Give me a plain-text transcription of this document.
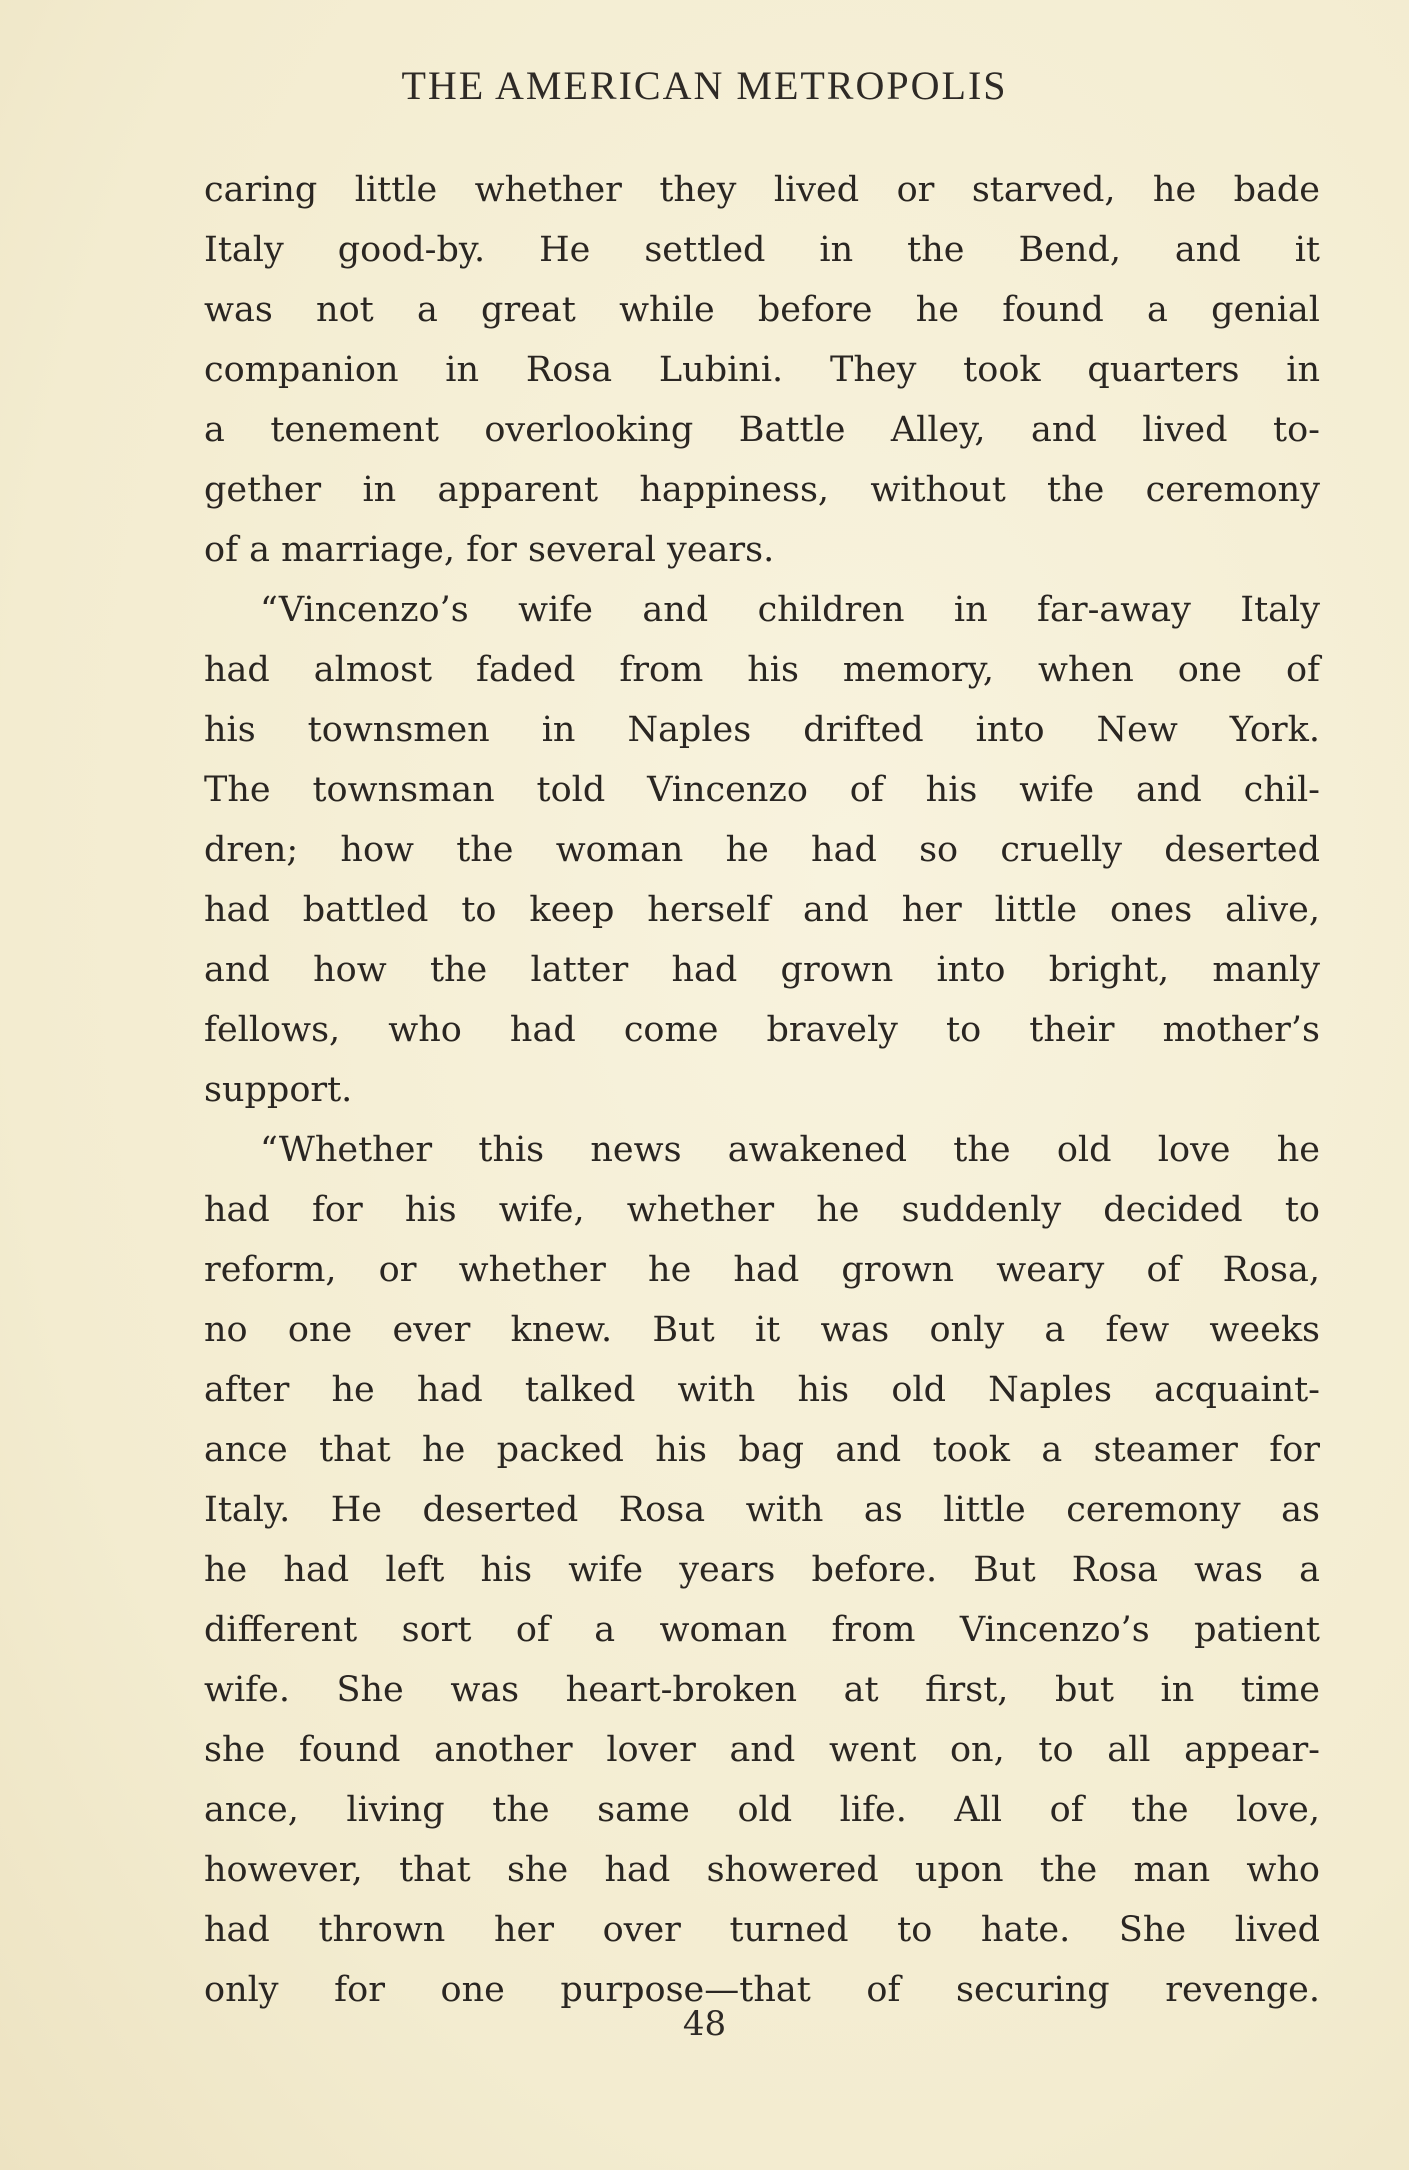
THE AMERICAN METROPOLIS
caring little whether they lived or starved, he bade
Italy good-by. He settled in the Bend, and it
was not a great while before he found a genial
companion in Rosa Lubini. They took quarters in
a tenement overlooking Battle Alley, and lived to-
gether in apparent happiness, without the ceremony
of a marriage, for several years.
“Vincenzo’s wife and children in far-away Italy
had almost faded from his memory, when one of
his townsmen in Naples drifted into New York.
The townsman told Vincenzo of his wife and chil-
dren; how the woman he had so cruelly deserted
had battled to keep herself and her little ones alive,
and how the latter had grown into bright, manly
fellows, who had come bravely to their mother’s
support.
“Whether this news awakened the old love he
had for his wife, whether he suddenly decided to
reform, or whether he had grown weary of Rosa,
no one ever knew. But it was only a few weeks
after he had talked with his old Naples acquaint-
ance that he packed his bag and took a steamer for
Italy. He deserted Rosa with as little ceremony as
he had left his wife years before. But Rosa was a
different sort of a woman from Vincenzo’s patient
wife. She was heart-broken at first, but in time
she found another lover and went on, to all appear-
ance, living the same old life. All of the love,
however, that she had showered upon the man who
had thrown her over turned to hate. She lived
only for one purpose—that of securing revenge.
48
